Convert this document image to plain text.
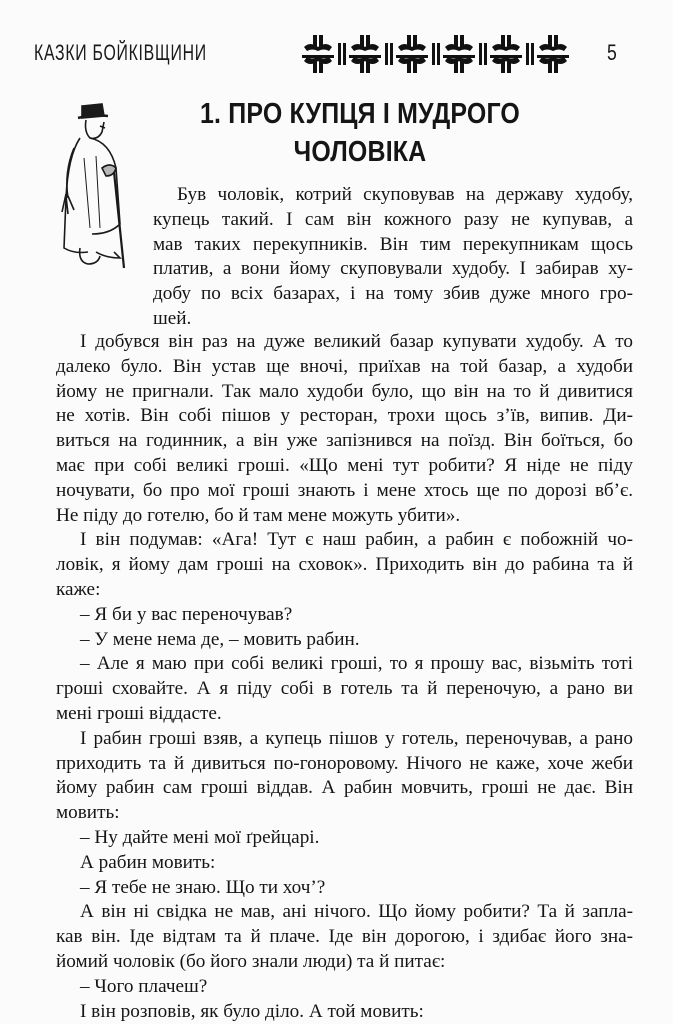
КАЗКИ БОЙКІВЩИНИ	5
1. ПРО КУПЦЯ І МУДРОГО
ЧОЛОВІКА
Був чоловік, котрий скуповував на державу худобу,
купець такий. І сам він кожного разу не купував, а
мав таких перекупників. Він тим перекупникам щось
платив, а вони йому скуповували худобу. І забирав ху-
добу по всіх базарах, і на тому збив дуже много гро-
шей.
І добувся він раз на дуже великий базар купувати худобу. А то
далеко було. Він устав ще вночі, приїхав на той базар, а худоби
йому не пригнали. Так мало худоби було, що він на то й дивитися
не хотів. Він собі пішов у ресторан, трохи щось з’їв, випив. Ди-
виться на годинник, а він уже запізнився на поїзд. Він боїться, бо
має при собі великі гроші. «Що мені тут робити? Я ніде не піду
ночувати, бо про мої гроші знають і мене хтось ще по дорозі вб’є.
Не піду до готелю, бо й там мене можуть убити».
І він подумав: «Ага! Тут є наш рабин, а рабин є побожній чо-
ловік, я йому дам гроші на сховок». Приходить він до рабина та й
каже:
– Я би у вас переночував?
– У мене нема де, – мовить рабин.
– Але я маю при собі великі гроші, то я прошу вас, візьміть тоті
гроші сховайте. А я піду собі в готель та й переночую, а рано ви
мені гроші віддасте.
І рабин гроші взяв, а купець пішов у готель, переночував, а рано
приходить та й дивиться по-гоноровому. Нічого не каже, хоче жеби
йому рабин сам гроші віддав. А рабин мовчить, гроші не дає. Він
мовить:
– Ну дайте мені мої ґрейцарі.
А рабин мовить:
– Я тебе не знаю. Що ти хоч’?
А він ні свідка не мав, ані нічого. Що йому робити? Та й запла-
кав він. Іде відтам та й плаче. Іде він дорогою, і здибає його зна-
йомий чоловік (бо його знали люди) та й питає:
– Чого плачеш?
І він розповів, як було діло. А той мовить:
